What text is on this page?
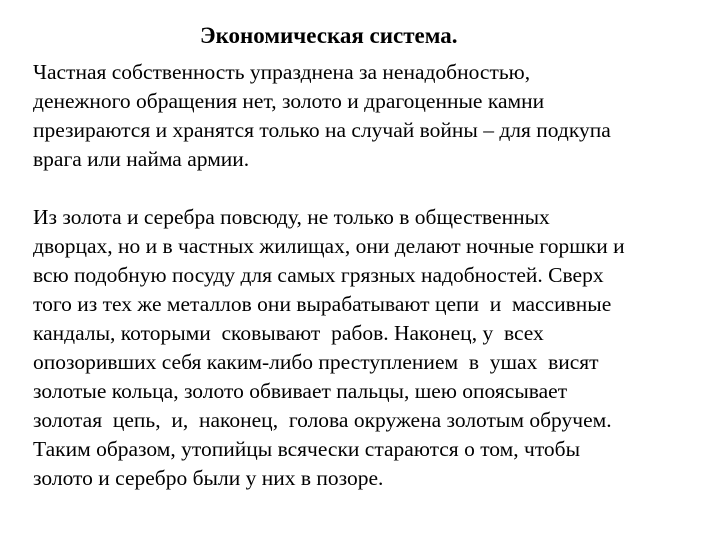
Экономическая система.
Частная собственность упразднена за ненадобностью,
денежного обращения нет, золото и драгоценные камни
презираются и хранятся только на случай войны – для подкупа
врага или найма армии.
Из золота и серебра повсюду, не только в общественных
дворцах, но и в частных жилищах, они делают ночные горшки и
всю подобную посуду для самых грязных надобностей. Сверх
того из тех же металлов они вырабатывают цепи  и  массивные
кандалы, которыми  сковывают  рабов. Наконец, у  всех
опозоривших себя каким-либо преступлением  в  ушах  висят
золотые кольца, золото обвивает пальцы, шею опоясывает
золотая  цепь,  и,  наконец,  голова окружена золотым обручем.
Таким образом, утопийцы всячески стараются о том, чтобы
золото и серебро были у них в позоре.
